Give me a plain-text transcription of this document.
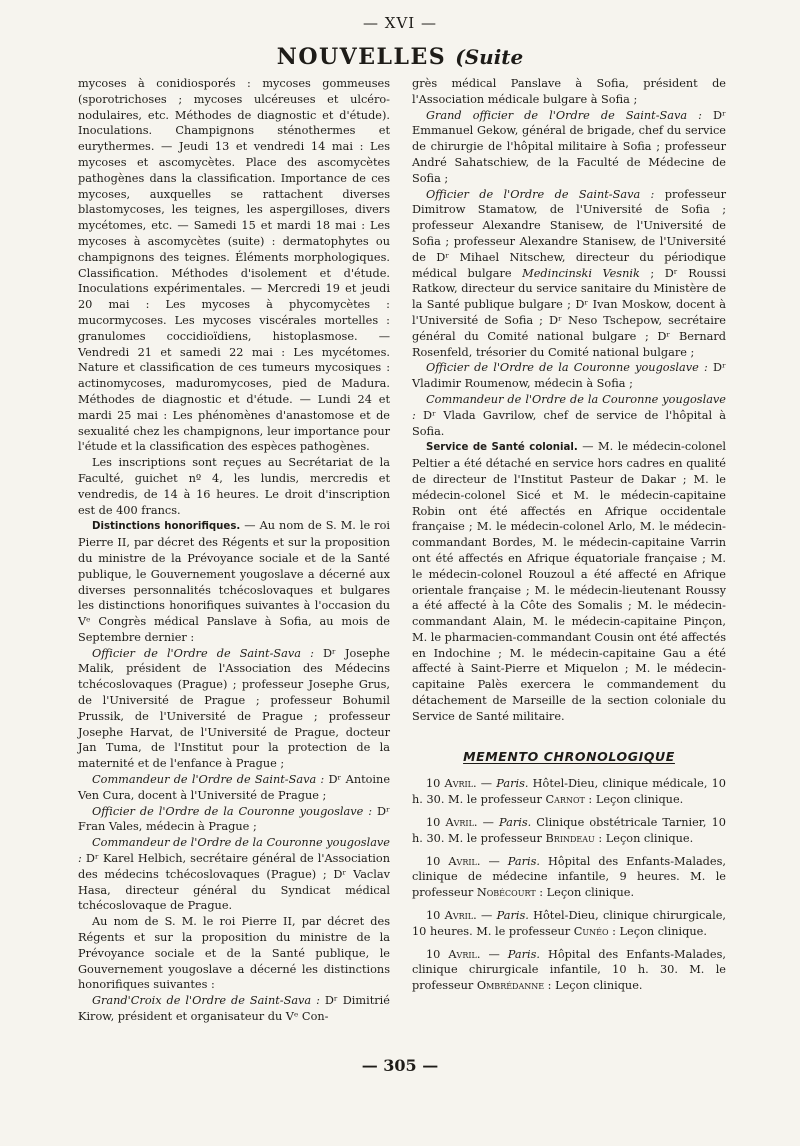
— XVI —
NOUVELLES (Suite

mycoses à conidiosporés : mycoses gommeuses (sporotrichoses ; mycoses ulcéreuses et ulcéro-nodulaires, etc. Méthodes de diagnostic et d'étude). Inoculations. Champignons sténothermes et eurythermes. — Jeudi 13 et vendredi 14 mai : Les mycoses et ascomycètes. Place des ascomycètes pathogènes dans la classification. Importance de ces mycoses, auxquelles se rattachent diverses blastomycoses, les teignes, les aspergilloses, divers mycétomes, etc. — Samedi 15 et mardi 18 mai : Les mycoses à ascomycètes (suite) : dermatophytes ou champignons des teignes. Éléments morphologiques. Classification. Méthodes d'isolement et d'étude. Inoculations expérimentales. — Mercredi 19 et jeudi 20 mai : Les mycoses à phycomycètes : mucormycoses. Les mycoses viscérales mortelles : granulomes coccidioïdiens, histoplasmose. — Vendredi 21 et samedi 22 mai : Les mycétomes. Nature et classification de ces tumeurs mycosiques : actinomycoses, maduromycoses, pied de Madura. Méthodes de diagnostic et d'étude. — Lundi 24 et mardi 25 mai : Les phénomènes d'anastomose et de sexualité chez les champignons, leur importance pour l'étude et la classification des espèces pathogènes.

Les inscriptions sont reçues au Secrétariat de la Faculté, guichet nº 4, les lundis, mercredis et vendredis, de 14 à 16 heures. Le droit d'inscription est de 400 francs.

Distinctions honorifiques. — Au nom de S. M. le roi Pierre II, par décret des Régents et sur la proposition du ministre de la Prévoyance sociale et de la Santé publique, le Gouvernement yougoslave a décerné aux diverses personnalités tchécoslovaques et bulgares les distinctions honorifiques suivantes à l'occasion du Vᵉ Congrès médical Panslave à Sofia, au mois de Septembre dernier :

Officier de l'Ordre de Saint-Sava : Dʳ Josephe Malik, président de l'Association des Médecins tchécoslovaques (Prague) ; professeur Josephe Grus, de l'Université de Prague ; professeur Bohumil Prussik, de l'Université de Prague ; professeur Josephe Harvat, de l'Université de Prague, docteur Jan Tuma, de l'Institut pour la protection de la maternité et de l'enfance à Prague ;

Commandeur de l'Ordre de Saint-Sava : Dʳ Antoine Ven Cura, docent à l'Université de Prague ;

Officier de l'Ordre de la Couronne yougoslave : Dʳ Fran Vales, médecin à Prague ;

Commandeur de l'Ordre de la Couronne yougoslave : Dʳ Karel Helbich, secrétaire général de l'Association des médecins tchécoslovaques (Prague) ; Dʳ Vaclav Hasa, directeur général du Syndicat médical tchécoslovaque de Prague.

Au nom de S. M. le roi Pierre II, par décret des Régents et sur la proposition du ministre de la Prévoyance sociale et de la Santé publique, le Gouvernement yougoslave a décerné les distinctions honorifiques suivantes :

Grand'Croix de l'Ordre de Saint-Sava : Dʳ Dimitrié Kirow, président et organisateur du Vᵉ Con-

grès médical Panslave à Sofia, président de l'Association médicale bulgare à Sofia ;

Grand officier de l'Ordre de Saint-Sava : Dʳ Emmanuel Gekow, général de brigade, chef du service de chirurgie de l'hôpital militaire à Sofia ; professeur André Sahatschiew, de la Faculté de Médecine de Sofia ;

Officier de l'Ordre de Saint-Sava : professeur Dimitrow Stamatow, de l'Université de Sofia ; professeur Alexandre Stanisew, de l'Université de Sofia ; professeur Alexandre Stanisew, de l'Université de Dʳ Mihael Nitschew, directeur du périodique médical bulgare Medincinski Vesnik ; Dʳ Roussi Ratkow, directeur du service sanitaire du Ministère de la Santé publique bulgare ; Dʳ Ivan Moskow, docent à l'Université de Sofia ; Dʳ Neso Tschepow, secrétaire général du Comité national bulgare ; Dʳ Bernard Rosenfeld, trésorier du Comité national bulgare ;

Officier de l'Ordre de la Couronne yougoslave : Dʳ Vladimir Roumenow, médecin à Sofia ;

Commandeur de l'Ordre de la Couronne yougoslave : Dʳ Vlada Gavrilow, chef de service de l'hôpital à Sofia.

Service de Santé colonial. — M. le médecin-colonel Peltier a été détaché en service hors cadres en qualité de directeur de l'Institut Pasteur de Dakar ; M. le médecin-colonel Sicé et M. le médecin-capitaine Robin ont été affectés en Afrique occidentale française ; M. le médecin-colonel Arlo, M. le médecin-commandant Bordes, M. le médecin-capitaine Varrin ont été affectés en Afrique équatoriale française ; M. le médecin-colonel Rouzoul a été affecté en Afrique orientale française ; M. le médecin-lieutenant Roussy a été affecté à la Côte des Somalis ; M. le médecin-commandant Alain, M. le médecin-capitaine Pinçon, M. le pharmacien-commandant Cousin ont été affectés en Indochine ; M. le médecin-capitaine Gau a été affecté à Saint-Pierre et Miquelon ; M. le médecin-capitaine Palès exercera le commandement du détachement de Marseille de la section coloniale du Service de Santé militaire.

MEMENTO CHRONOLOGIQUE

10 Avril. — Paris. Hôtel-Dieu, clinique médicale, 10 h. 30. M. le professeur Carnot : Leçon clinique.

10 Avril. — Paris. Clinique obstétricale Tarnier, 10 h. 30. M. le professeur Brindeau : Leçon clinique.

10 Avril. — Paris. Hôpital des Enfants-Malades, clinique de médecine infantile, 9 heures. M. le professeur Nobécourt : Leçon clinique.

10 Avril. — Paris. Hôtel-Dieu, clinique chirurgicale, 10 heures. M. le professeur Cunéo : Leçon clinique.

10 Avril. — Paris. Hôpital des Enfants-Malades, clinique chirurgicale infantile, 10 h. 30. M. le professeur Ombrédanne : Leçon clinique.

— 305 —
